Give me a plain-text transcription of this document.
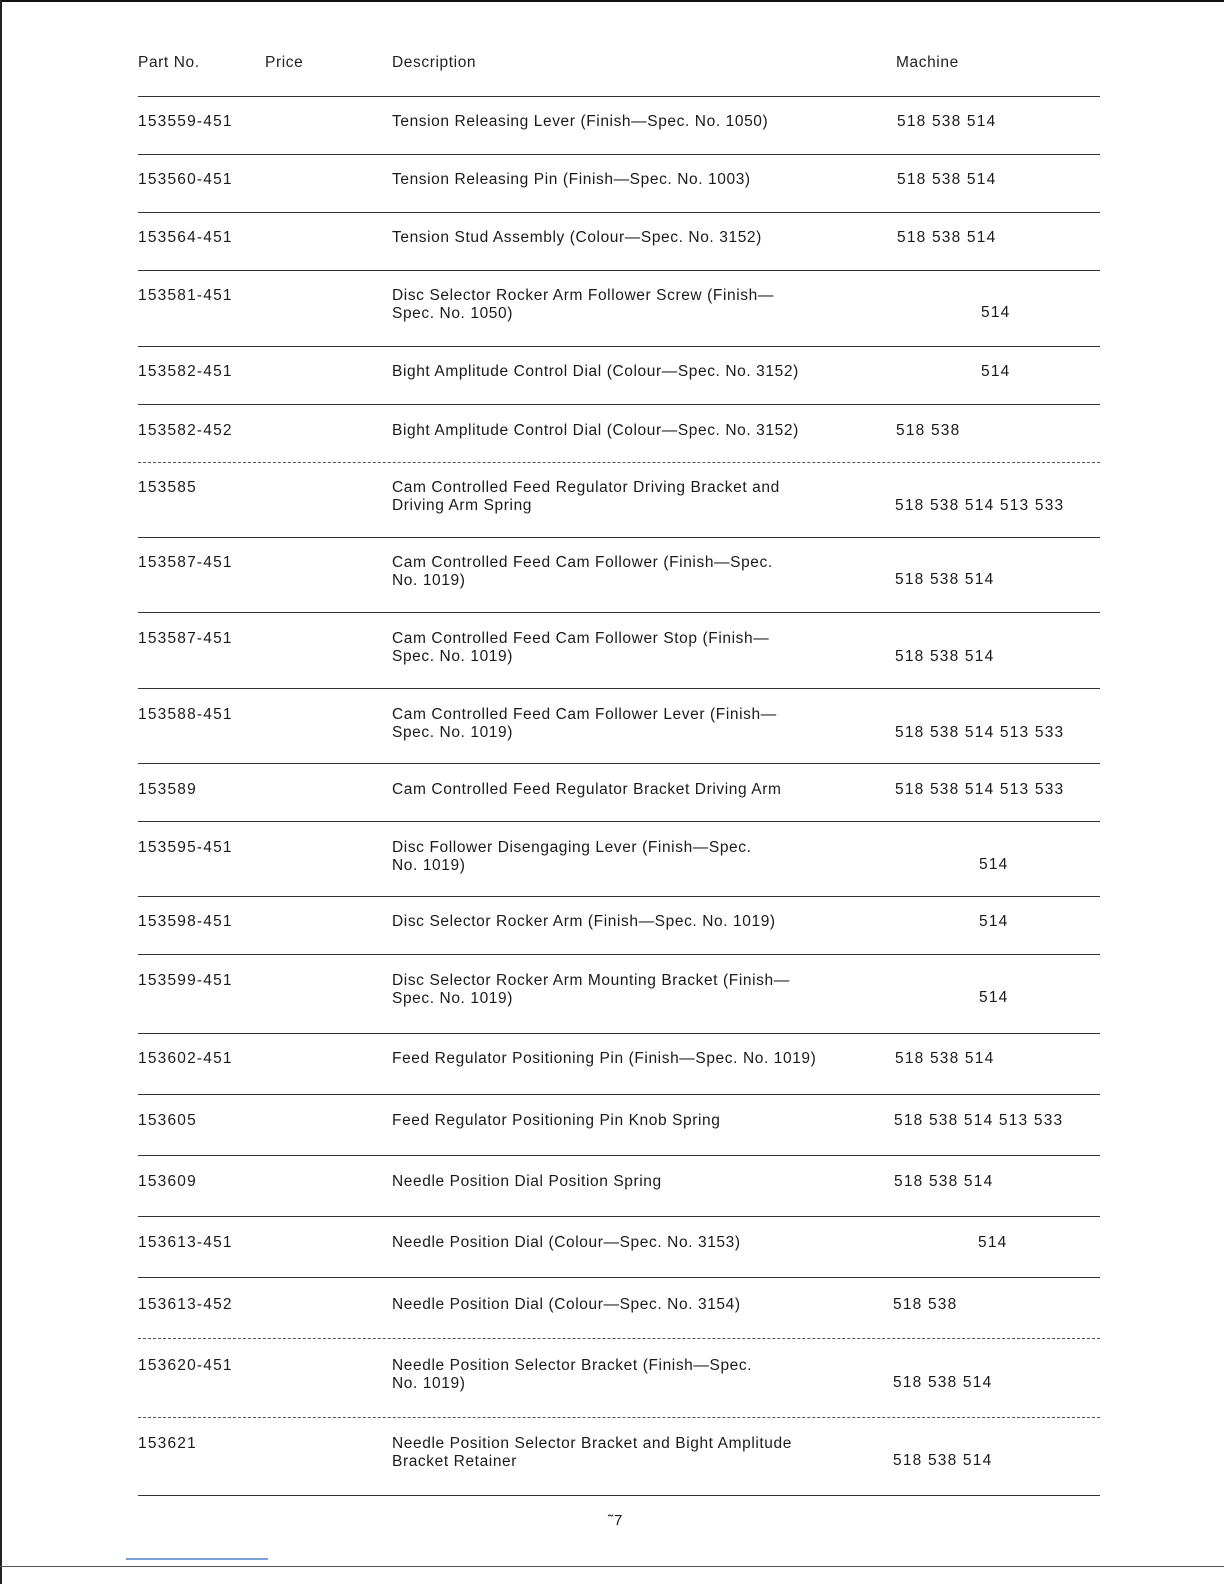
Part No.	Price	Description	Machine
153559-451	Tension Releasing Lever (Finish—Spec. No. 1050)	518 538 514
153560-451	Tension Releasing Pin (Finish—Spec. No. 1003)	518 538 514
153564-451	Tension Stud Assembly (Colour—Spec. No. 3152)	518 538 514
153581-451	Disc Selector Rocker Arm Follower Screw (Finish—
Spec. No. 1050)	514
153582-451	Bight Amplitude Control Dial (Colour—Spec. No. 3152)	514
153582-452	Bight Amplitude Control Dial (Colour—Spec. No. 3152)	518 538
153585	Cam Controlled Feed Regulator Driving Bracket and
Driving Arm Spring	518 538 514 513 533
153587-451	Cam Controlled Feed Cam Follower (Finish—Spec.
No. 1019)	518 538 514
153587-451	Cam Controlled Feed Cam Follower Stop (Finish—
Spec. No. 1019)	518 538 514
153588-451	Cam Controlled Feed Cam Follower Lever (Finish—
Spec. No. 1019)	518 538 514 513 533
153589	Cam Controlled Feed Regulator Bracket Driving Arm	518 538 514 513 533
153595-451	Disc Follower Disengaging Lever (Finish—Spec.
No. 1019)	514
153598-451	Disc Selector Rocker Arm (Finish—Spec. No. 1019)	514
153599-451	Disc Selector Rocker Arm Mounting Bracket (Finish—
Spec. No. 1019)	514
153602-451	Feed Regulator Positioning Pin (Finish—Spec. No. 1019)	518 538 514
153605	Feed Regulator Positioning Pin Knob Spring	518 538 514 513 533
153609	Needle Position Dial Position Spring	518 538 514
153613-451	Needle Position Dial (Colour—Spec. No. 3153)	514
153613-452	Needle Position Dial (Colour—Spec. No. 3154)	518 538
153620-451	Needle Position Selector Bracket (Finish—Spec.
No. 1019)	518 538 514
153621	Needle Position Selector Bracket and Bight Amplitude
Bracket Retainer	518 538 514
˜7
